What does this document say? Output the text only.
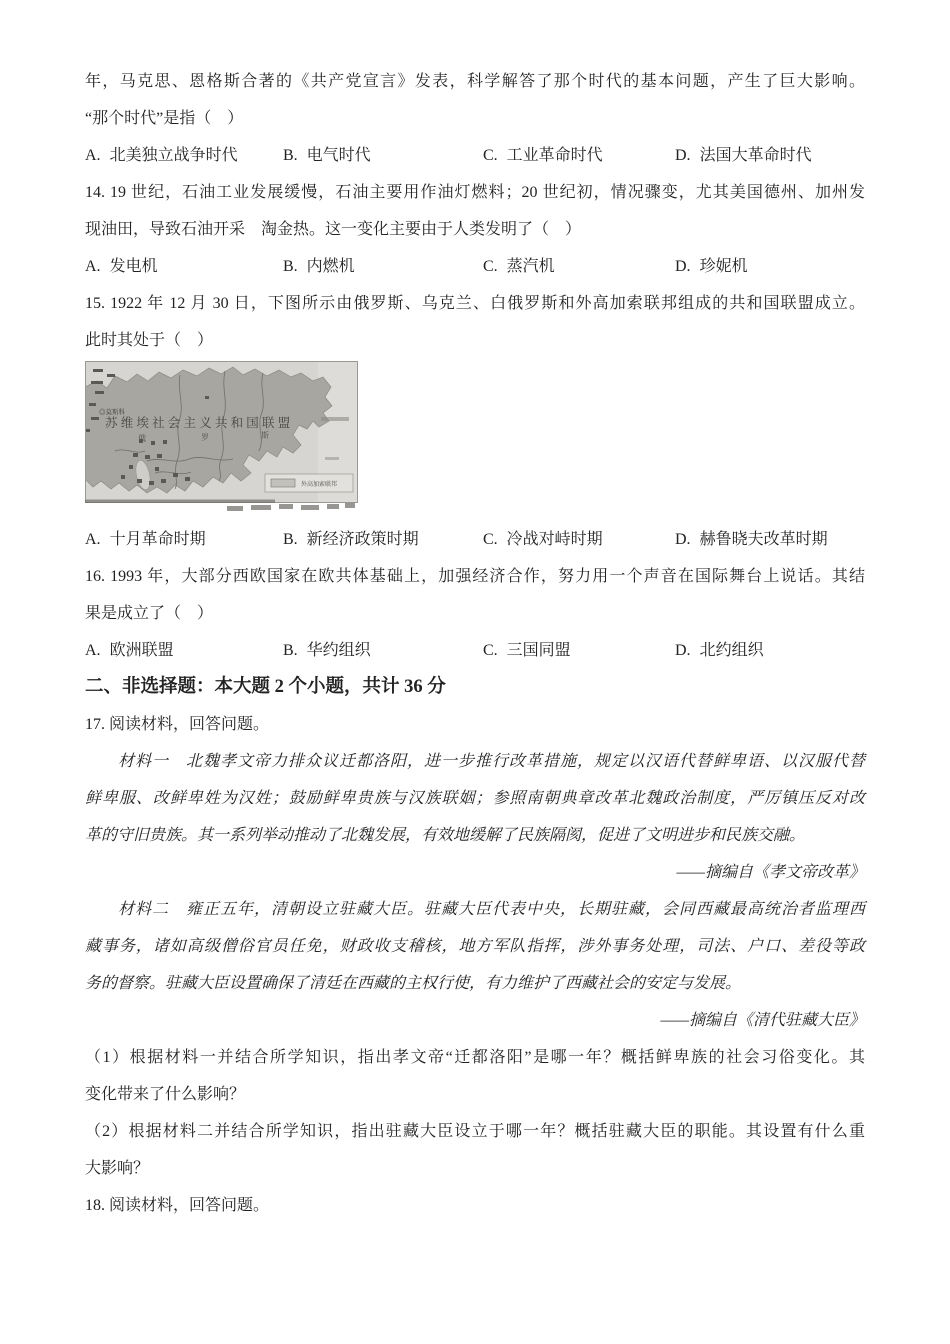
年，马克思、恩格斯合著的《共产党宣言》发表，科学解答了那个时代的基本问题，产生了巨大影响。
“那个时代”是指（　）
A. 北美独立战争时代	B. 电气时代	C. 工业革命时代	D. 法国大革命时代
14. 19 世纪，石油工业发展缓慢，石油主要用作油灯燃料；20 世纪初，情况骤变，尤其美国德州、加州发
现油田，导致石油开采　淘金热。这一变化主要由于人类发明了（　）
A. 发电机	B. 内燃机	C. 蒸汽机	D. 珍妮机
15. 1922 年 12 月 30 日，下图所示由俄罗斯、乌克兰、白俄罗斯和外高加索联邦组成的共和国联盟成立。
此时其处于（　）
◎莫斯科
苏维埃社会主义共和国联盟
俄	罗	斯
外高加索联邦
A. 十月革命时期	B. 新经济政策时期	C. 冷战对峙时期	D. 赫鲁晓夫改革时期
16. 1993 年，大部分西欧国家在欧共体基础上，加强经济合作，努力用一个声音在国际舞台上说话。其结
果是成立了（　）
A. 欧洲联盟	B. 华约组织	C. 三国同盟	D. 北约组织
二、非选择题：本大题 2 个小题，共计 36 分
17. 阅读材料，回答问题。
材料一　北魏孝文帝力排众议迁都洛阳，进一步推行改革措施，规定以汉语代替鲜卑语、以汉服代替
鲜卑服、改鲜卑姓为汉姓；鼓励鲜卑贵族与汉族联姻；参照南朝典章改革北魏政治制度，严厉镇压反对改
革的守旧贵族。其一系列举动推动了北魏发展，有效地缓解了民族隔阂，促进了文明进步和民族交融。
——摘编自《孝文帝改革》
材料二　雍正五年，清朝设立驻藏大臣。驻藏大臣代表中央，长期驻藏，会同西藏最高统治者监理西
藏事务，诸如高级僧俗官员任免，财政收支稽核，地方军队指挥，涉外事务处理，司法、户口、差役等政
务的督察。驻藏大臣设置确保了清廷在西藏的主权行使，有力维护了西藏社会的安定与发展。
——摘编自《清代驻藏大臣》
（1）根据材料一并结合所学知识，指出孝文帝“迁都洛阳”是哪一年？概括鲜卑族的社会习俗变化。其
变化带来了什么影响？
（2）根据材料二并结合所学知识，指出驻藏大臣设立于哪一年？概括驻藏大臣的职能。其设置有什么重
大影响？
18. 阅读材料，回答问题。
